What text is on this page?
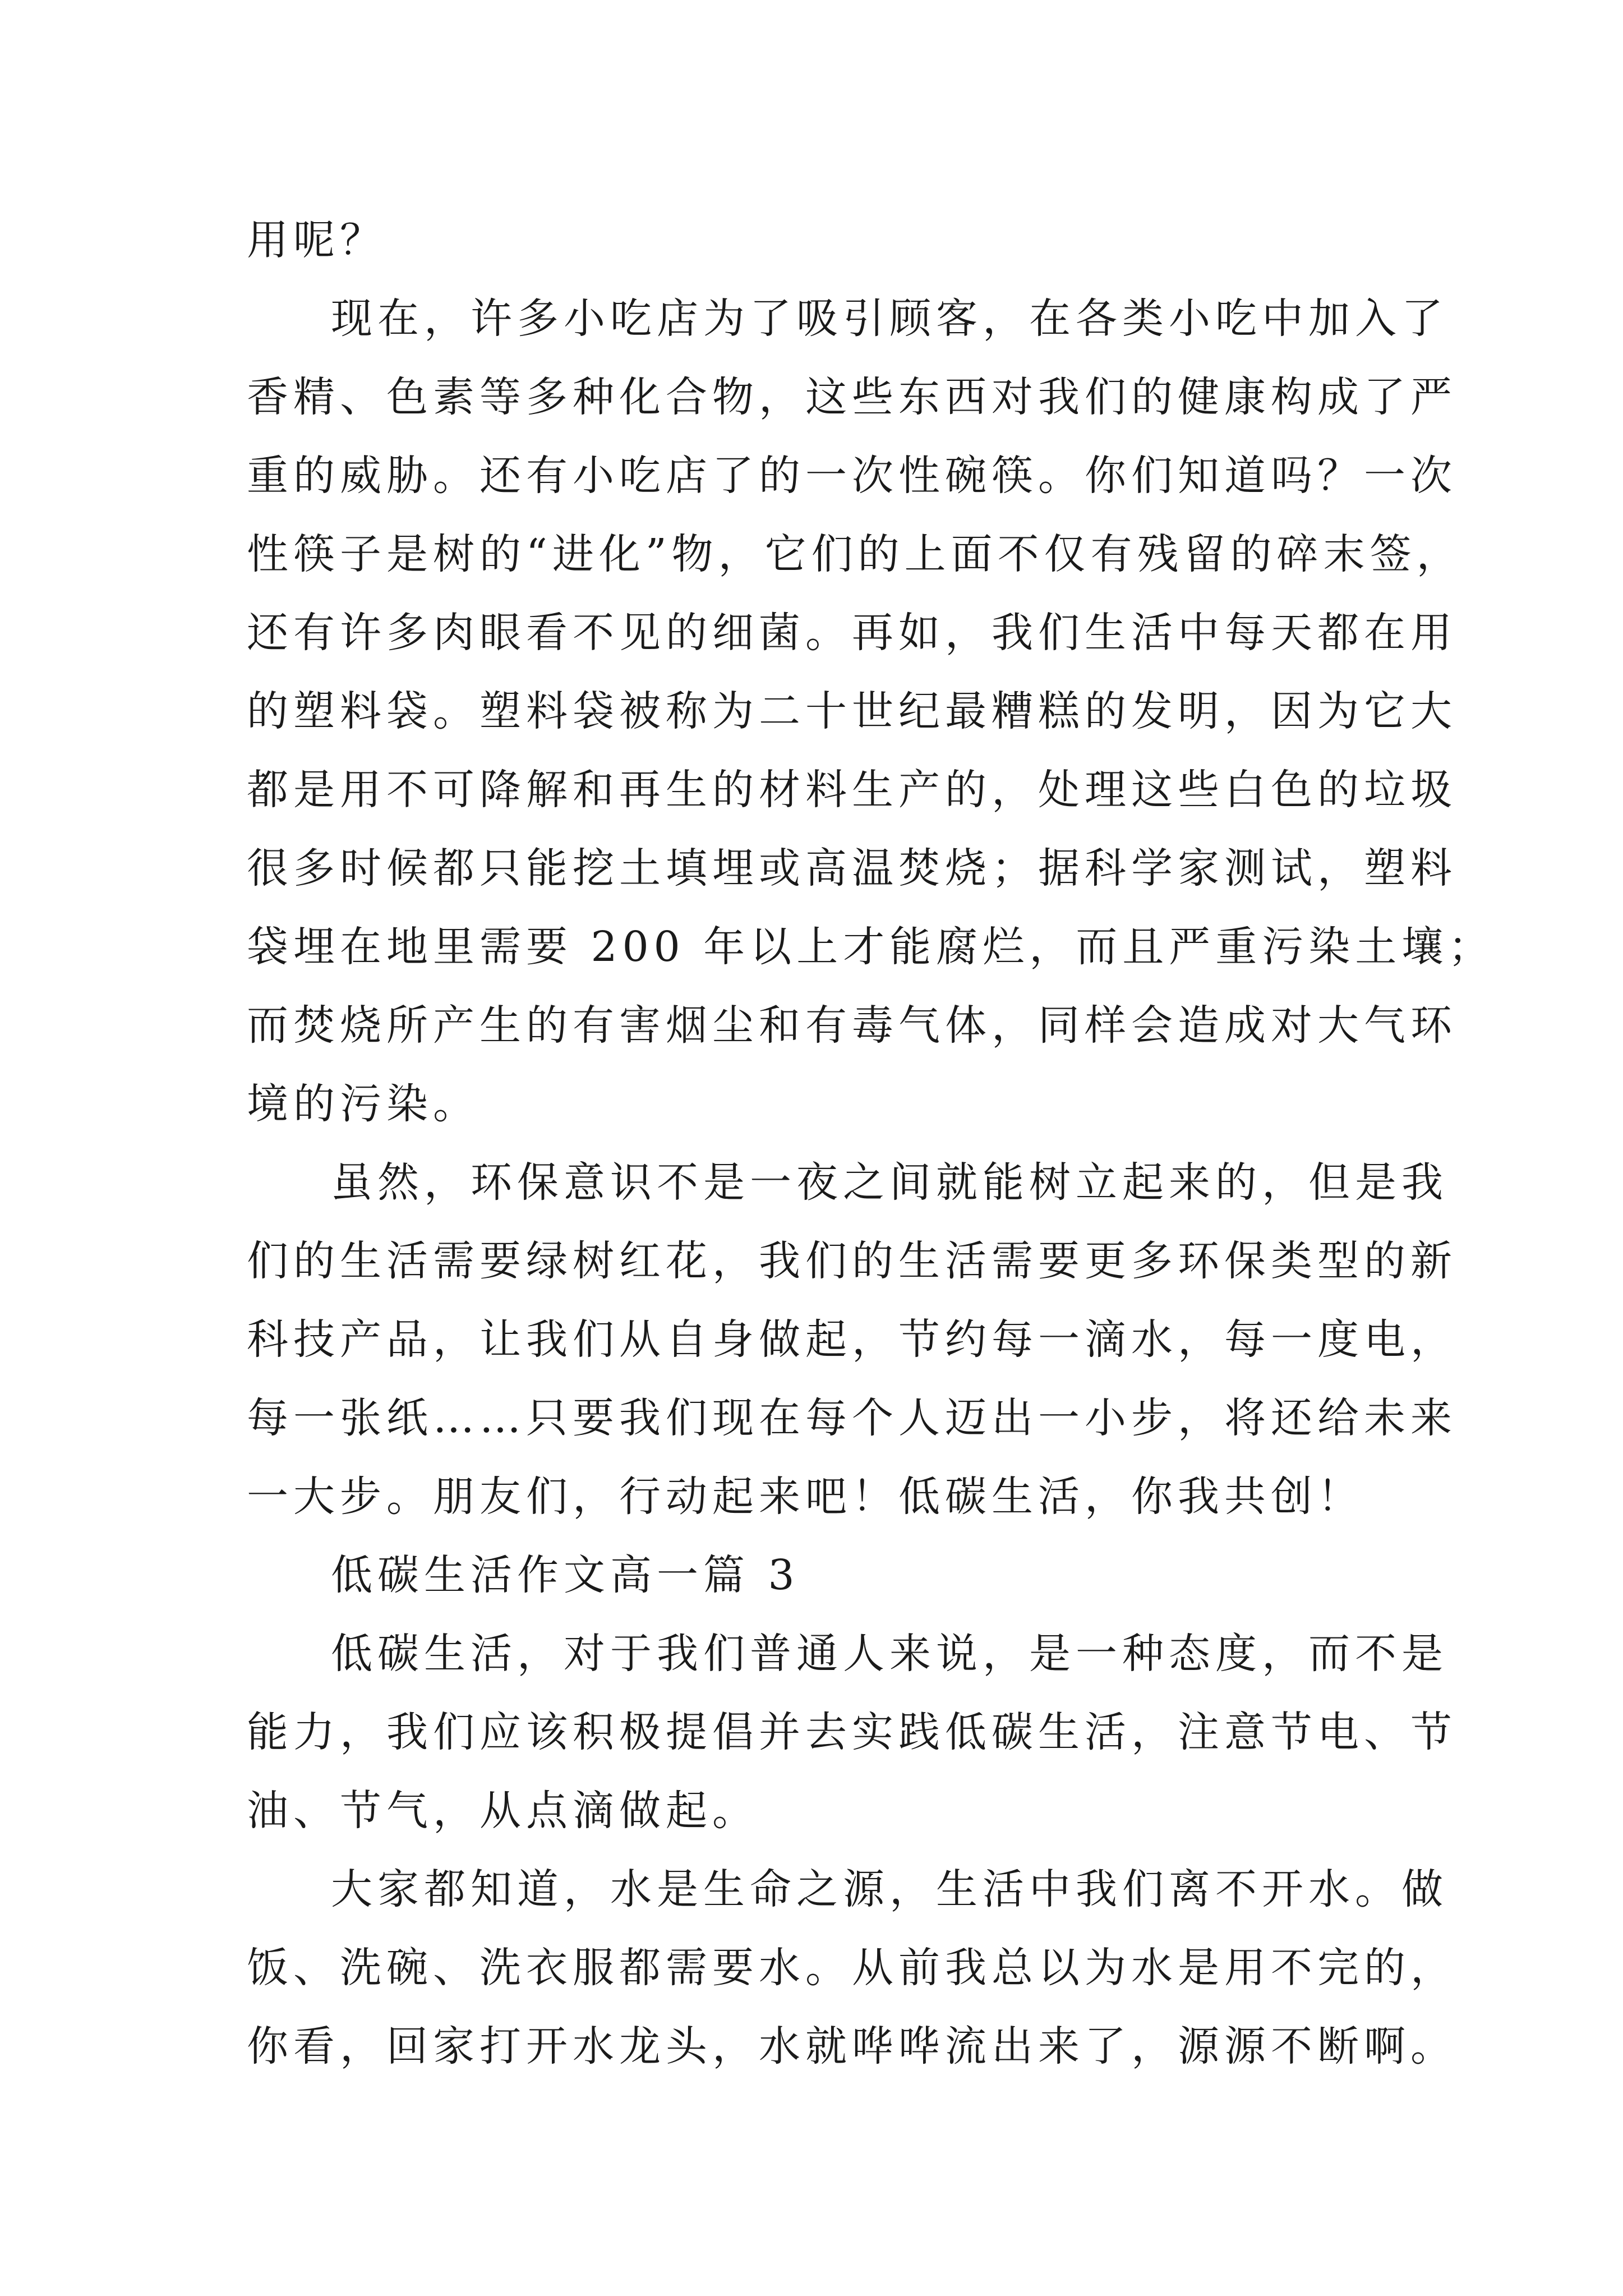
用呢？
现在，许多小吃店为了吸引顾客，在各类小吃中加入了
香精、色素等多种化合物，这些东西对我们的健康构成了严
重的威胁。还有小吃店了的一次性碗筷。你们知道吗？一次
性筷子是树的“进化”物，它们的上面不仅有残留的碎末签，
还有许多肉眼看不见的细菌。再如，我们生活中每天都在用
的塑料袋。塑料袋被称为二十世纪最糟糕的发明，因为它大
都是用不可降解和再生的材料生产的，处理这些白色的垃圾
很多时候都只能挖土填埋或高温焚烧；据科学家测试，塑料
袋埋在地里需要 200 年以上才能腐烂，而且严重污染土壤；
而焚烧所产生的有害烟尘和有毒气体，同样会造成对大气环
境的污染。
虽然，环保意识不是一夜之间就能树立起来的，但是我
们的生活需要绿树红花，我们的生活需要更多环保类型的新
科技产品，让我们从自身做起，节约每一滴水，每一度电，
每一张纸……只要我们现在每个人迈出一小步，将还给未来
一大步。朋友们，行动起来吧！低碳生活，你我共创！
低碳生活作文高一篇 3
低碳生活，对于我们普通人来说，是一种态度，而不是
能力，我们应该积极提倡并去实践低碳生活，注意节电、节
油、节气，从点滴做起。
大家都知道，水是生命之源，生活中我们离不开水。做
饭、洗碗、洗衣服都需要水。从前我总以为水是用不完的，
你看，回家打开水龙头，水就哗哗流出来了，源源不断啊。
